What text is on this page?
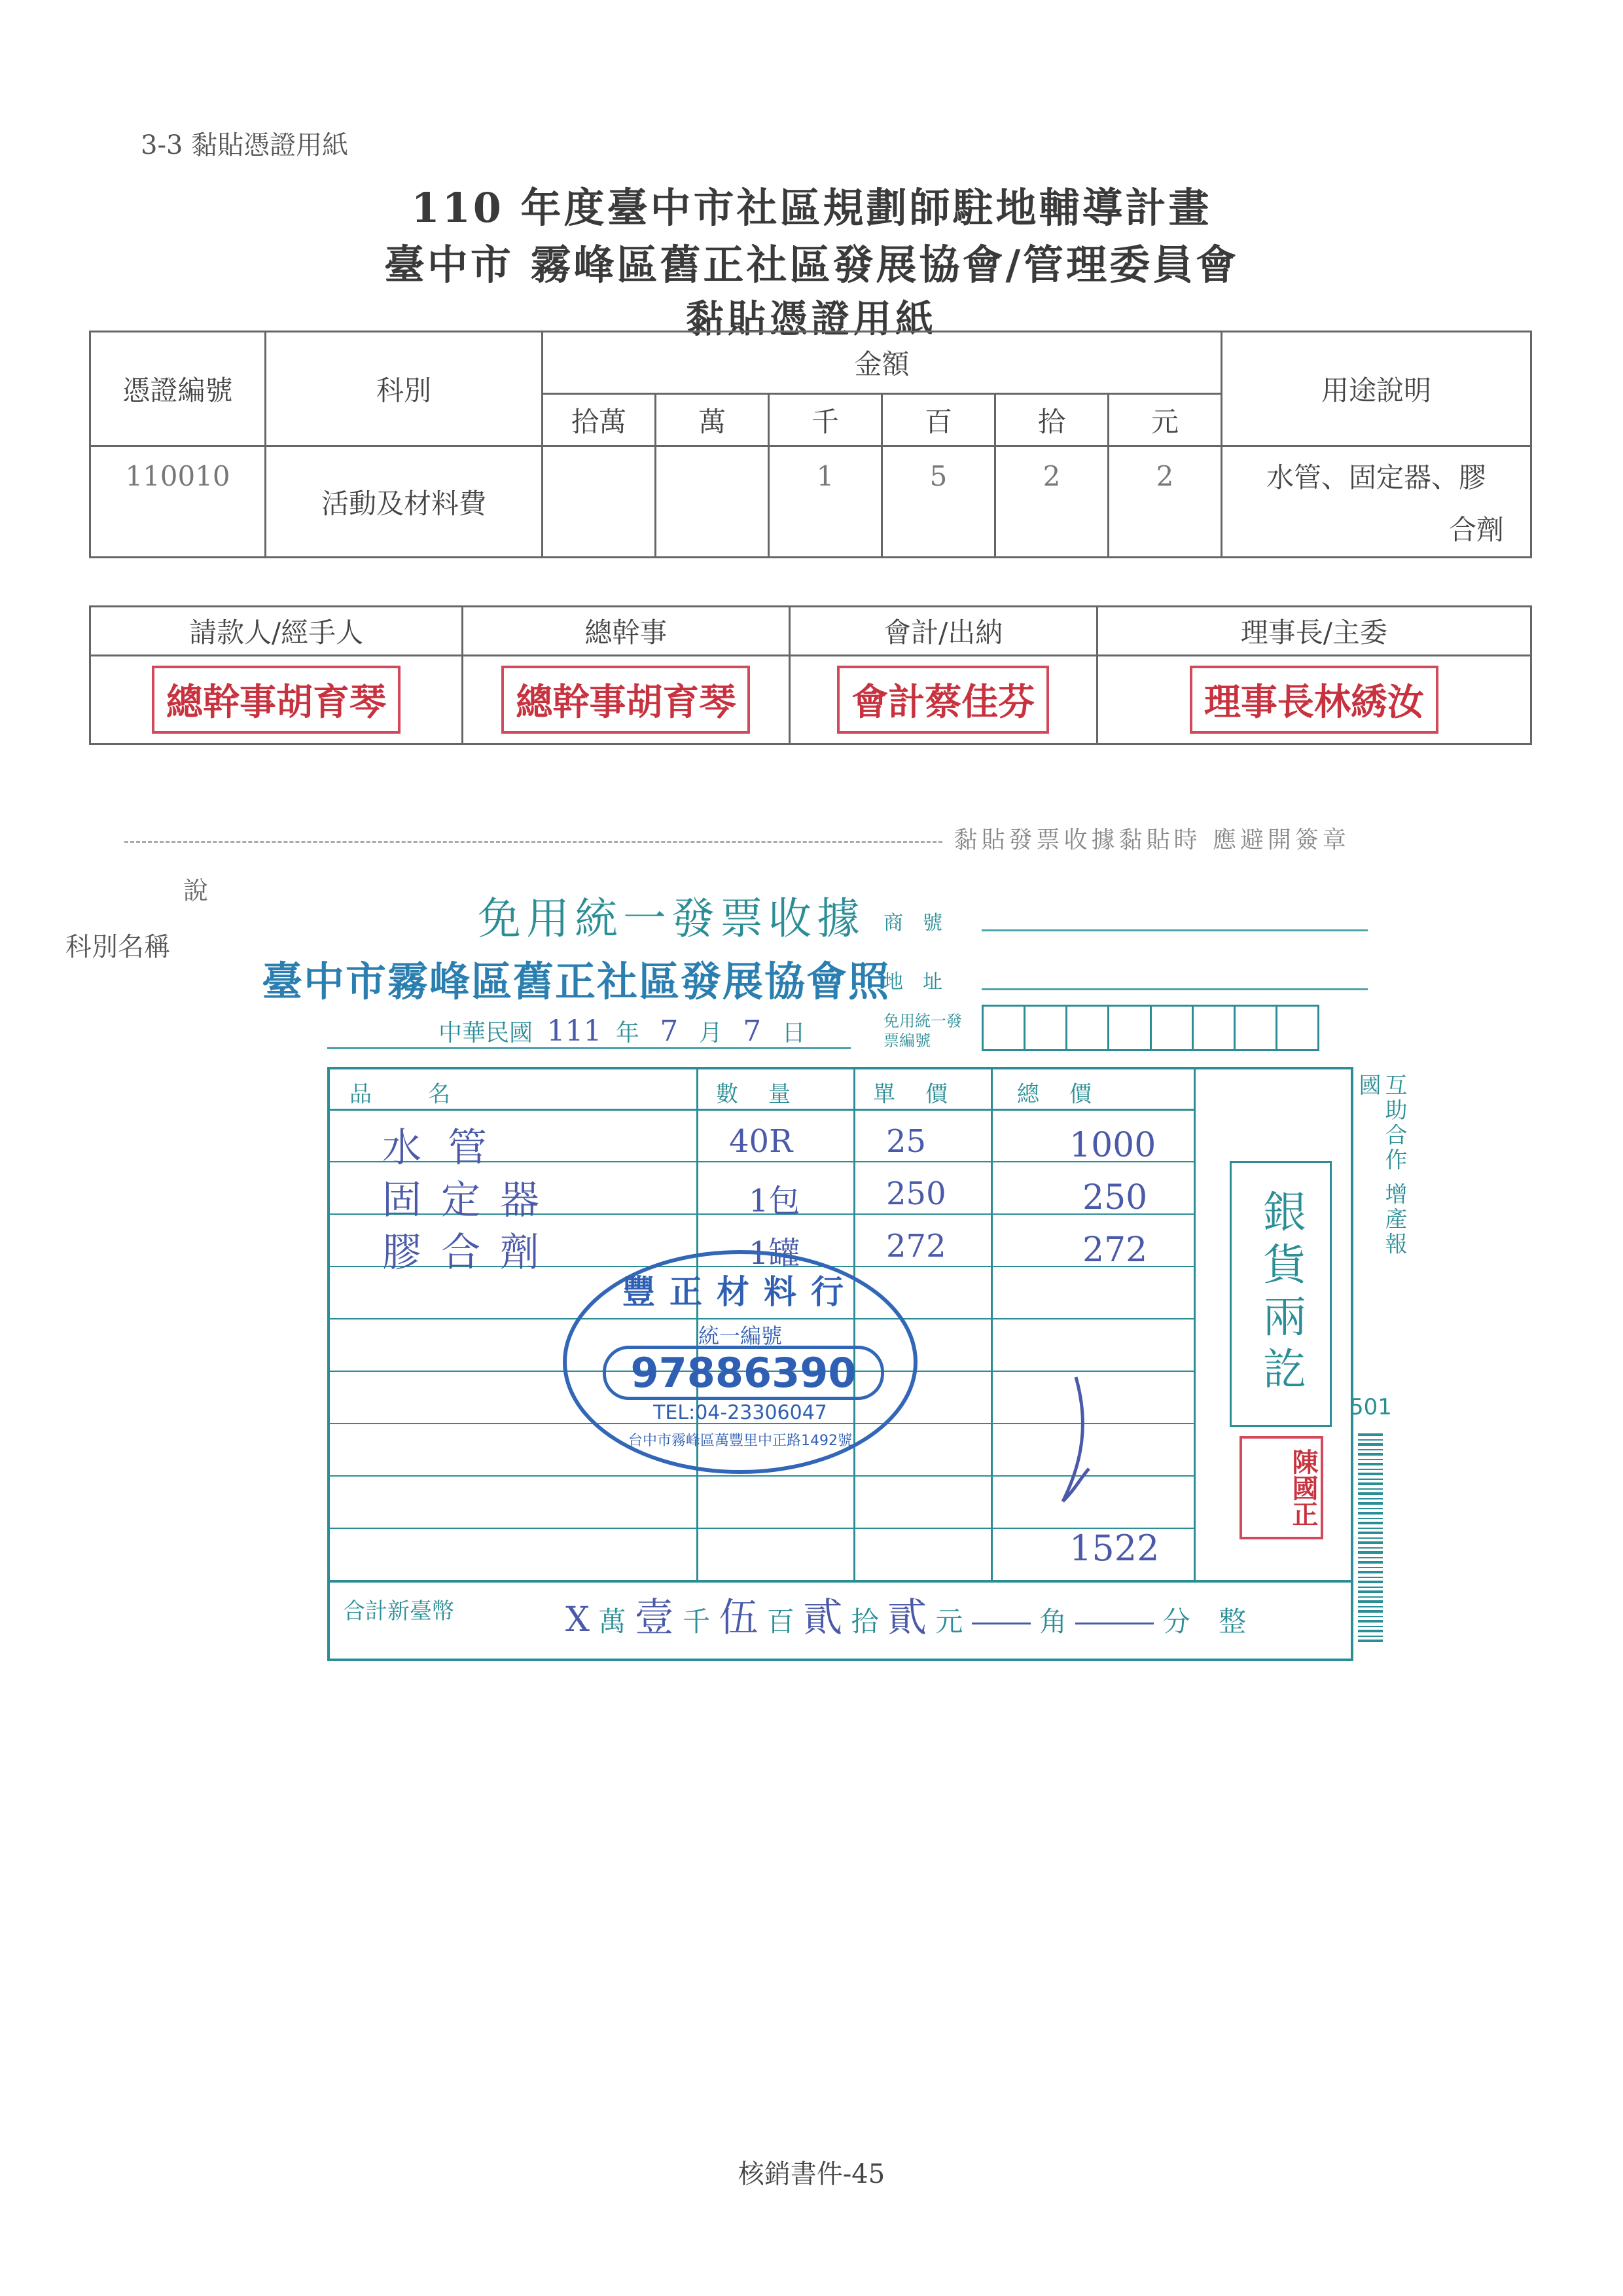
3-3 黏貼憑證用紙
110 年度臺中市社區規劃師駐地輔導計畫
臺中市 霧峰區舊正社區發展協會/管理委員會
黏貼憑證用紙
憑證編號	科別	金額						用途說明
		拾萬	萬	千	百	拾	元	
110010	活動及材料費			1	5	2	2	水管、固定器、膠
合劑
請款人/經手人	總幹事	會計/出納	理事長/主委
總幹事胡育琴	總幹事胡育琴	會計蔡佳芬	理事長林綉汝
黏貼發票收據黏貼時 應避開簽章
說
科別名稱
免用統一發票收據
臺中市霧峰區舊正社區發展協會照
商　號
地　址
免用統一發票編號
中華民國 111 年 7 月 7 日
品　　名	數　量	單　價	總　價
水管	40R	25	1000
固定器	1包	250	250
膠合劑	1罐	272	272
1522
銀貨兩訖
陳國正
合計新臺幣	X 萬 壹 千 伍 百 貳 拾 貳 元	角	分 整
互助合作 增產報國
501
豐正材料行
統一編號
97886390
TEL:04-23306047
台中市霧峰區萬豐里中正路1492號
核銷書件-45
